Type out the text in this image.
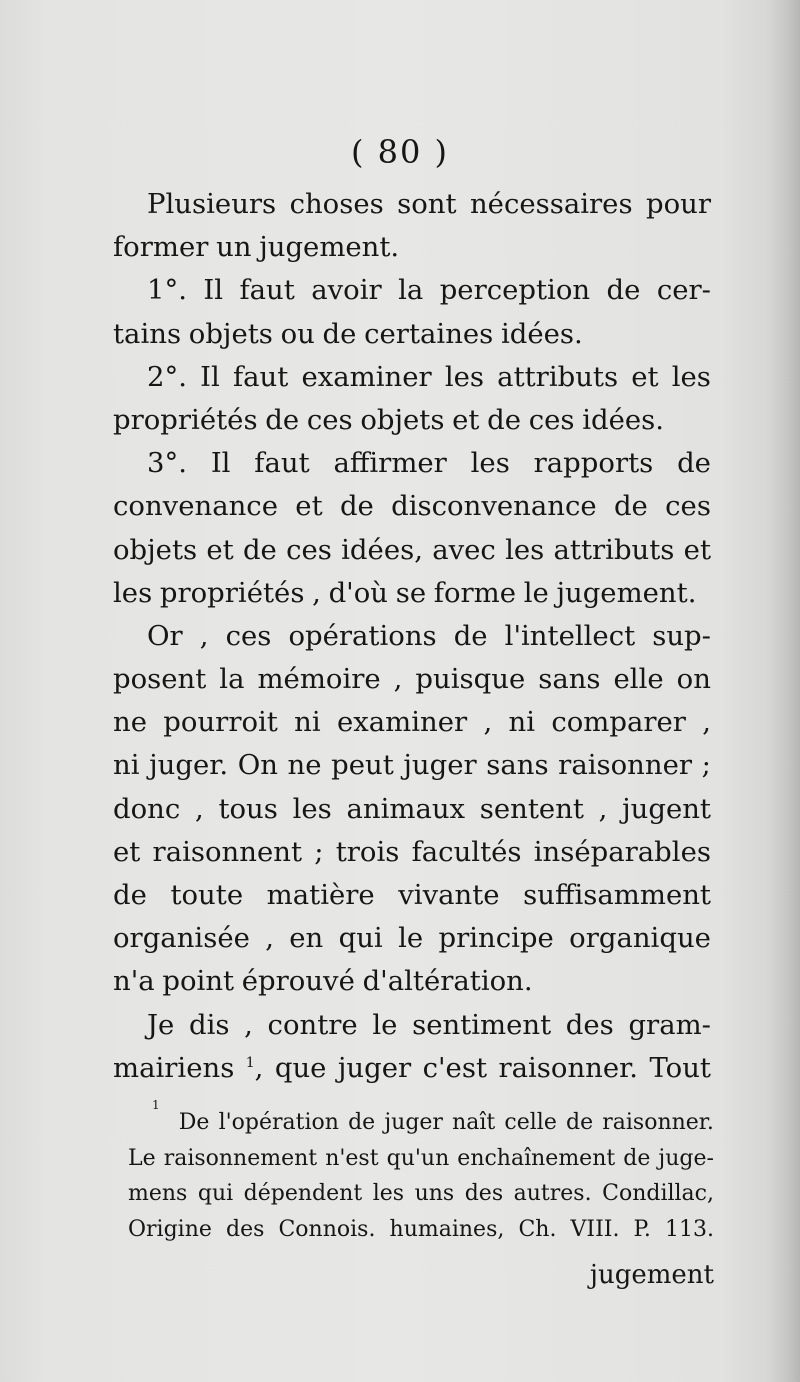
( 80 )
Plusieurs choses sont nécessaires pour
former un jugement.
1°. Il faut avoir la perception de cer-
tains objets ou de certaines idées.
2°. Il faut examiner les attributs et les
propriétés de ces objets et de ces idées.
3°. Il faut affirmer les rapports de
convenance et de disconvenance de ces
objets et de ces idées, avec les attributs et
les propriétés , d'où se forme le jugement.
Or , ces opérations de l'intellect sup-
posent la mémoire , puisque sans elle on
ne pourroit ni examiner , ni comparer ,
ni juger. On ne peut juger sans raisonner ;
donc , tous les animaux sentent , jugent
et raisonnent ; trois facultés inséparables
de toute matière vivante suffisamment
organisée , en qui le principe organique
n'a point éprouvé d'altération.
Je dis , contre le sentiment des gram-
mairiens $^1$, que juger c'est raisonner. Tout
1
De l'opération de juger naît celle de raisonner.
Le raisonnement n'est qu'un enchaînement de juge-
mens qui dépendent les uns des autres. Condillac,
Origine des Connois. humaines, Ch. VIII. P. 113.
jugement
